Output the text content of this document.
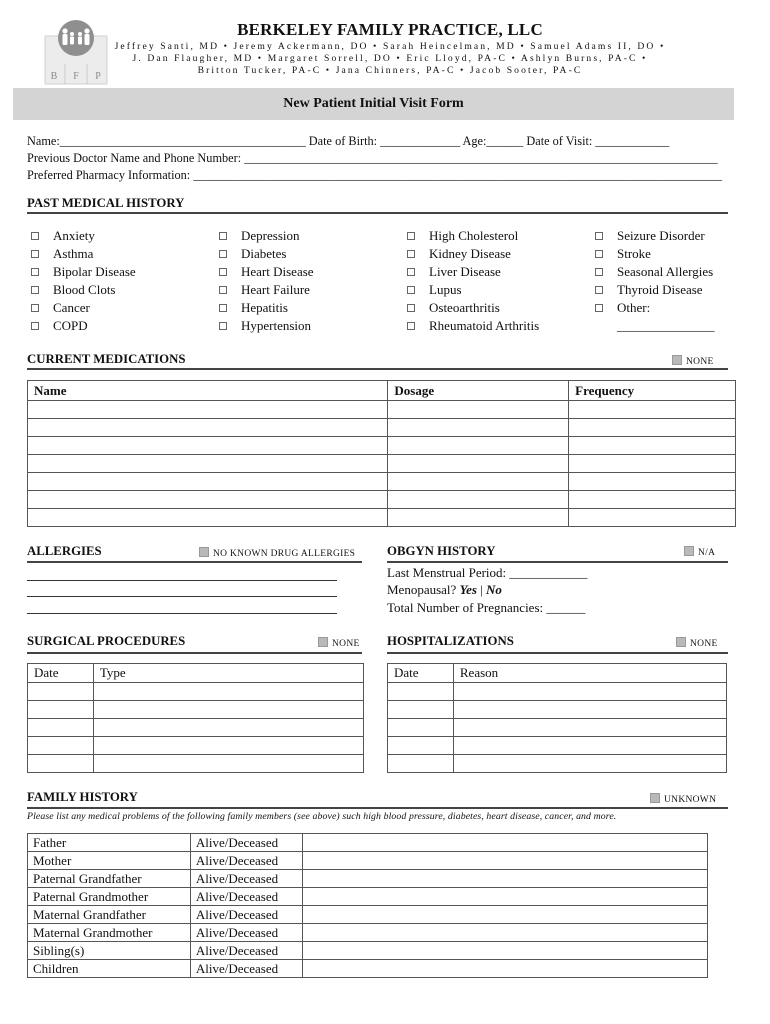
B F P
BERKELEY FAMILY PRACTICE, LLC
Jeffrey Santi, MD • Jeremy Ackermann, DO • Sarah Heincelman, MD • Samuel Adams II, DO •
J. Dan Flaugher, MD • Margaret Sorrell, DO • Eric Lloyd, PA-C • Ashlyn Burns, PA-C •
Britton Tucker, PA-C • Jana Chinners, PA-C • Jacob Sooter, PA-C
New Patient Initial Visit Form
Name:________________________________________ Date of Birth: _____________ Age:______ Date of Visit: ____________
Previous Doctor Name and Phone Number: _____________________________________________________________________________
Preferred Pharmacy Information: ______________________________________________________________________________________
PAST MEDICAL HISTORY
Anxiety
Asthma
Bipolar Disease
Blood Clots
Cancer
COPD
Depression
Diabetes
Heart Disease
Heart Failure
Hepatitis
Hypertension
High Cholesterol
Kidney Disease
Liver Disease
Lupus
Osteoarthritis
Rheumatoid Arthritis
Seizure Disorder
Stroke
Seasonal Allergies
Thyroid Disease
Other:
_______________
CURRENT MEDICATIONS	NONE
Name	Dosage	Frequency

ALLERGIES	NO KNOWN DRUG ALLERGIES OBGYN HISTORY	N/A
Last Menstrual Period: ____________
Menopausal? Yes | No
Total Number of Pregnancies: ______
SURGICAL PROCEDURES	NONE
Date	Type

HOSPITALIZATIONS	NONE
Date	Reason

FAMILY HISTORY	UNKNOWN
Please list any medical problems of the following family members (see above) such high blood pressure, diabetes, heart disease, cancer, and more.
Father	Alive/Deceased	
Mother	Alive/Deceased	
Paternal Grandfather	Alive/Deceased	
Paternal Grandmother	Alive/Deceased	
Maternal Grandfather	Alive/Deceased	
Maternal Grandmother	Alive/Deceased	
Sibling(s)	Alive/Deceased	
Children	Alive/Deceased	
